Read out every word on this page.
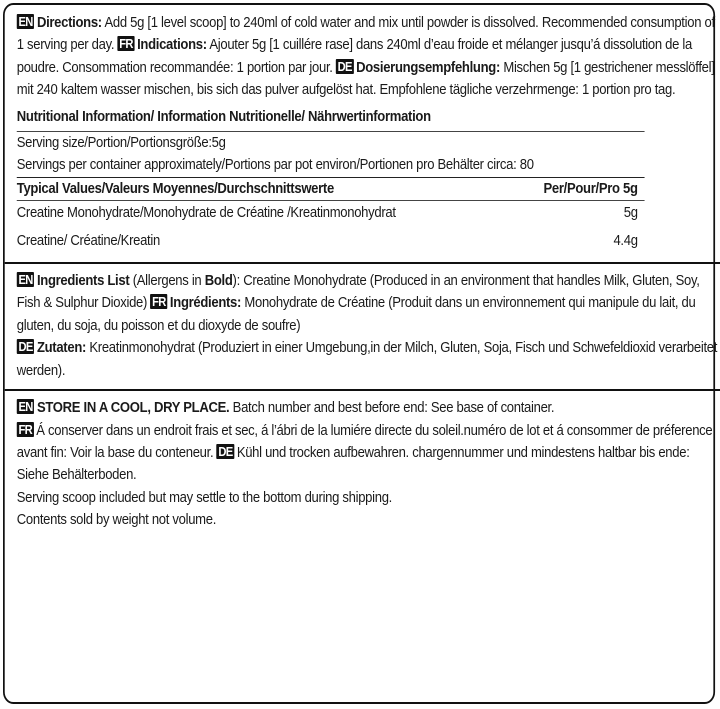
EN Directions: Add 5g [1 level scoop] to 240ml of cold water and mix until powder is dissolved. Recommended consumption of 1 serving per day. FR Indications: Ajouter 5g [1 cuillére rase] dans 240ml d’eau froide et mélanger jusqu’á dissolution de la poudre. Consommation recommandée: 1 portion par jour. DE Dosierungsempfehlung: Mischen 5g [1 gestrichener messlöffel] mit 240 kaltem wasser mischen, bis sich das pulver aufgelöst hat. Empfohlene tägliche verzehrmenge: 1 portion pro tag.

Nutritional Information/ Information Nutritionelle/ Nährwertinformation
Serving size/Portion/Portionsgröße:5g
Servings per container approximately/Portions par pot environ/Portionen pro Behälter circa: 80
Typical Values/Valeurs Moyennes/Durchschnittswerte	Per/Pour/Pro 5g
Creatine Monohydrate/Monohydrate de Créatine /Kreatinmonohydrat	5g
Creatine/ Créatine/Kreatin	4.4g

EN Ingredients List (Allergens in Bold): Creatine Monohydrate (Produced in an environment that handles Milk, Gluten, Soy, Fish & Sulphur Dioxide) FR Ingrédients: Monohydrate de Créatine (Produit dans un environnement qui manipule du lait, du gluten, du soja, du poisson et du dioxyde de soufre)
DE Zutaten: Kreatinmonohydrat (Produziert in einer Umgebung,in der Milch, Gluten, Soja, Fisch und Schwefeldioxid verarbeitet werden).

EN STORE IN A COOL, DRY PLACE. Batch number and best before end: See base of container.
FR Á conserver dans un endroit frais et sec, á l’ábri de la lumiére directe du soleil.numéro de lot et á consommer de préference avant fin: Voir la base du conteneur. DE Kühl und trocken aufbewahren. chargennummer und mindestens haltbar bis ende: Siehe Behälterboden.
Serving scoop included but may settle to the bottom during shipping.
Contents sold by weight not volume.
